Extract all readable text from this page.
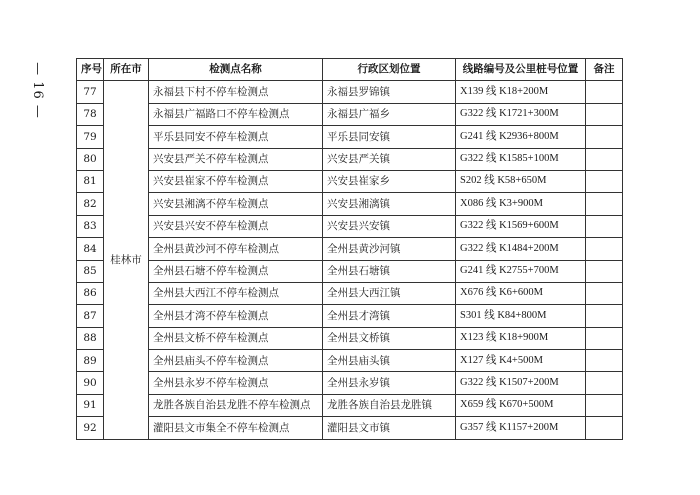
— 16 —	序号	所在市	检测点名称	行政区划位置	线路编号及公里桩号位置	备注
77	桂林市	永福县下村不停车检测点	永福县罗锦镇	X139 线 K18+200M	
78		永福县广福路口不停车检测点	永福县广福乡	G322 线 K1721+300M	
79		平乐县同安不停车检测点	平乐县同安镇	G241 线 K2936+800M	
80		兴安县严关不停车检测点	兴安县严关镇	G322 线 K1585+100M	
81		兴安县崔家不停车检测点	兴安县崔家乡	S202 线 K58+650M	
82		兴安县湘漓不停车检测点	兴安县湘漓镇	X086 线 K3+900M	
83		兴安县兴安不停车检测点	兴安县兴安镇	G322 线 K1569+600M	
84		全州县黄沙河不停车检测点	全州县黄沙河镇	G322 线 K1484+200M	
85		全州县石塘不停车检测点	全州县石塘镇	G241 线 K2755+700M	
86		全州县大西江不停车检测点	全州县大西江镇	X676 线 K6+600M	
87		全州县才湾不停车检测点	全州县才湾镇	S301 线 K84+800M	
88		全州县文桥不停车检测点	全州县文桥镇	X123 线 K18+900M	
89		全州县庙头不停车检测点	全州县庙头镇	X127 线 K4+500M	
90		全州县永岁不停车检测点	全州县永岁镇	G322 线 K1507+200M	
91		龙胜各族自治县龙胜不停车检测点	龙胜各族自治县龙胜镇	X659 线 K670+500M	
92		灌阳县文市集全不停车检测点	灌阳县文市镇	G357 线 K1157+200M	
